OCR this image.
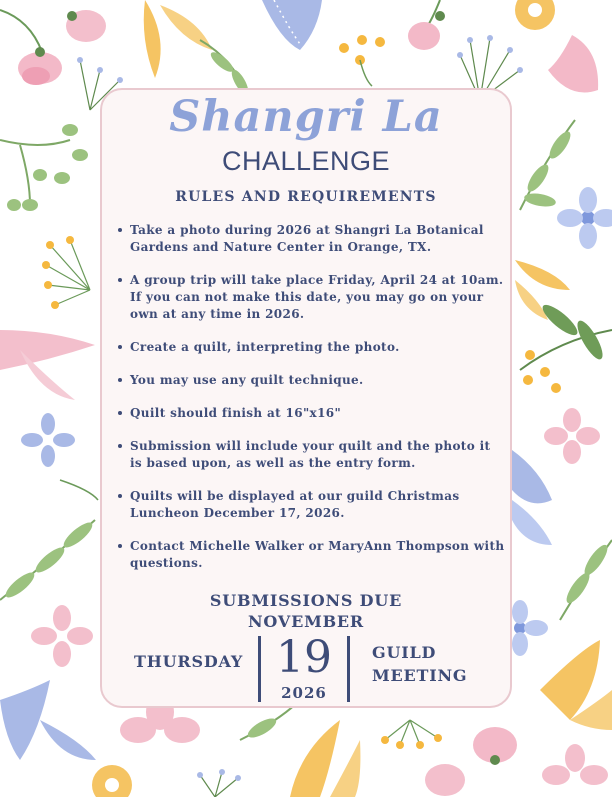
Shangri La
CHALLENGE
RULES AND REQUIREMENTS
Take a photo during 2026 at Shangri La Botanical Gardens and Nature Center in Orange, TX.
A group trip will take place Friday, April 24 at 10am. If you can not make this date, you may go on your own at any time in 2026.
Create a quilt, interpreting the photo.
You may use any quilt technique.
Quilt should finish at 16"x16"
Submission will include your quilt and the photo it is based upon, as well as the entry form.
Quilts will be displayed at our guild Christmas Luncheon December 17, 2026.
Contact Michelle Walker or MaryAnn Thompson with questions.
SUBMISSIONS DUE
NOVEMBER
THURSDAY 19
2026
GUILD
MEETING
